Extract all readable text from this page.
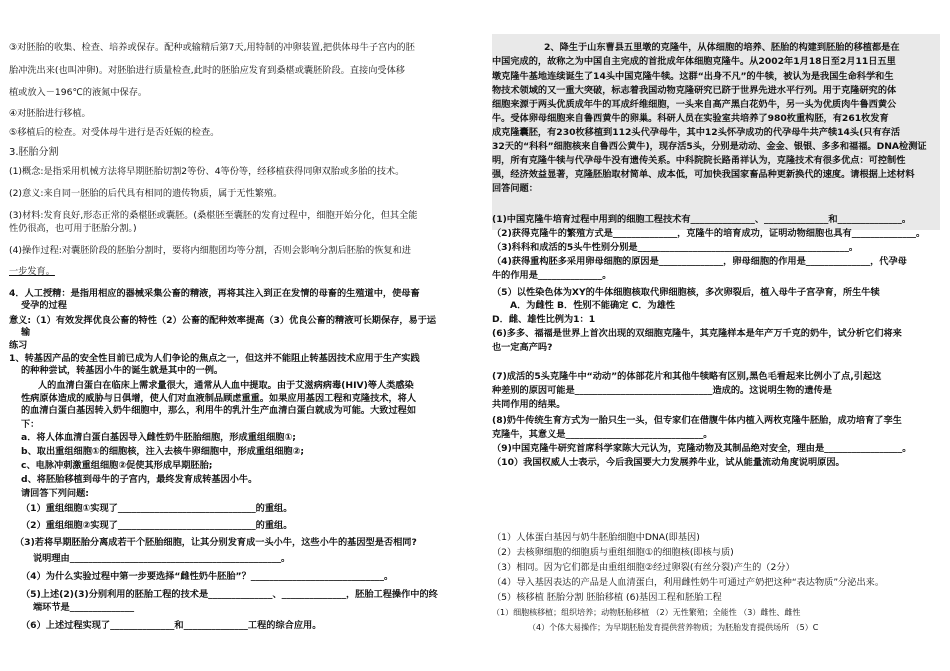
③对胚胎的收集、检查、培养或保存。配种或输精后第7天,用特制的冲卵装置,把供体母牛子宫内的胚
胎冲洗出来(也叫冲卵)。对胚胎进行质量检查,此时的胚胎应发育到桑椹或囊胚阶段。直接向受体移
植或放入－196℃的液氮中保存。
④对胚胎进行移植。
⑤移植后的检查。对受体母牛进行是否妊娠的检查。
3.胚胎分割
(1)概念:是指采用机械方法将早期胚胎切割2等份、4等份等，经移植获得同卵双胎或多胎的技术。
(2)意义:来自同一胚胎的后代具有相同的遗传物质，属于无性繁殖。
(3)材料:发育良好,形态正常的桑椹胚或囊胚。(桑椹胚至囊胚的发育过程中，细胞开始分化，但其全能
性仍很高，也可用于胚胎分割。)
(4)操作过程:对囊胚阶段的胚胎分割时，要将内细胞团均等分割，否则会影响分割后胚胎的恢复和进
一步发育。
4．人工授精：是指用相应的器械采集公畜的精液，再将其注入到正在发情的母畜的生殖道中，使母畜
受孕的过程
意义:（1）有效发挥优良公畜的特性（2）公畜的配种效率提高（3）优良公畜的精液可长期保存，易于运
输
练习
1、转基因产品的安全性目前已成为人们争论的焦点之一，但这并不能阻止转基因技术应用于生产实践
的种种尝试，转基因小牛的诞生就是其中的一例。
人的血清白蛋白在临床上需求量很大，通常从人血中提取。由于艾滋病病毒(HIV)等人类感染
性病原体造成的威胁与日俱增，使人们对血液制品顾虑重重。如果应用基因工程和克隆技术，将人
的血清白蛋白基因转入奶牛细胞中，那么，利用牛的乳汁生产血清白蛋白就成为可能。大致过程如
下：
a．将人体血清白蛋白基因导入雌性奶牛胚胎细胞，形成重组细胞①;
b、取出重组细胞①的细胞核，注入去核牛卵细胞中，形成重组细胞②;
c、电脉冲刺激重组细胞②促使其形成早期胚胎;
d、将胚胎移植到母牛的子宫内，最终发育成转基因小牛。
请回答下列问题:
（1）重组细胞①实现了______________________________的重组。
（2）重组细胞②实现了______________________________的重组。
（3)若将早期胚胎分离成若干个胚胎细胞，让其分别发育成一头小牛，这些小牛的基因型是否相同?
说明理由______________________________________________。
（4）为什么实验过程中第一步要选择“雌性奶牛胚胎”？_____________________________。
（5)上述(2)(3)分别利用的胚胎工程的技术是______________、______________，胚胎工程操作中的终
端环节是______________
（6）上述过程实现了______________和______________工程的综合应用。
2、降生于山东曹县五里墩的克隆牛，从体细胞的培养、胚胎的构建到胚胎的移植都是在
中国完成的，故称之为中国自主完成的首批成年体细胞克隆牛。从2002年1月18日至2月11日五里
墩克隆牛基地连续诞生了14头中国克隆牛犊。这群“出身不凡”的牛犊，被认为是我国生命科学和生
物技术领域的又一重大突破，标志着我国动物克隆研究已跻于世界先进水平行列。用于克隆研究的体
细胞来源于两头优质成年牛的耳成纤维细胞，一头来自高产黑白花奶牛，另一头为优质肉牛鲁西黄公
牛。受体卵母细胞来自鲁西黄牛的卵巢。科研人员在实验室共培养了980枚重构胚，有261枚发育
成克隆囊胚，有230枚移植到112头代孕母牛，其中12头怀孕成功的代孕母牛共产犊14头(只有存活
32天的“科科”细胞核来自鲁西公黄牛)，现存活5头，分别是动动、金金、银银、多多和福福。DNA检测证
明，所有克隆牛犊与代孕母牛没有遗传关系。中科院院长路甬祥认为，克隆技术有很多优点：可控制性
强，经济效益显著，克隆胚胎取材简单、成本低，可加快我国家畜品种更新换代的速度。请根据上述材料
回答问题：
(1)中国克隆牛培育过程中用到的细胞工程技术有______________、______________和______________。
（2)获得克隆牛的繁殖方式是______________，克隆牛的培育成功，证明动物细胞也具有______________。
（3)科科和成活的5头牛性别分别是______________________________________________。
（4)获得重构胚多采用卵母细胞的原因是______________，卵母细胞的作用是______________，代孕母
牛的作用是______________。
（5）以性染色体为XY的牛体细胞核取代卵细胞核，多次卵裂后，植入母牛子宫孕育，所生牛犊
A．为雌性 B．性别不能确定 C．为雄性
D．雌、雄性比例为1：1
(6)多多、福福是世界上首次出现的双细胞克隆牛，其克隆样本是年产万千克的奶牛，试分析它们将来
也一定高产吗?
(7)成活的5头克隆牛中“动动”的体部花片和其他牛犊略有区别,黑色毛看起来比例小了点,引起这
种差别的原因可能是______________________________造成的。这说明生物的遗传是
共同作用的结果。
(8)奶牛传统生育方式为一胎只生一头，但专家们在借腹牛体内植入两枚克隆牛胚胎，成功培育了孪生
克隆牛，其意义是______________________________。
（9)中国克隆牛研究首席科学家陈大元认为，克隆动物及其制品绝对安全，理由是_________________。
（10）我国权威人士表示，今后我国要大力发展养牛业，试从能量流动角度说明原因。
（1）人体蛋白基因与奶牛胚胎细胞中DNA(即基因)
（2）去核卵细胞的细胞质与重组细胞①的细胞核(即核与质)
（3）相同。因为它们都是由重组细胞②经过卵裂(有丝分裂)产生的（2分）
（4）导入基因表达的产品是人血清蛋白，利用雌性奶牛可通过产奶把这种“表达物质”分泌出来。
（5）核移植 胚胎分割 胚胎移植 (6)基因工程和胚胎工程
（1）细胞核移植；组织培养；动物胚胎移植 （2）无性繁殖；全能性 （3）雌性、雌性
（4）个体大易操作；为早期胚胎发育提供营养物质；为胚胎发育提供场所 （5）C
